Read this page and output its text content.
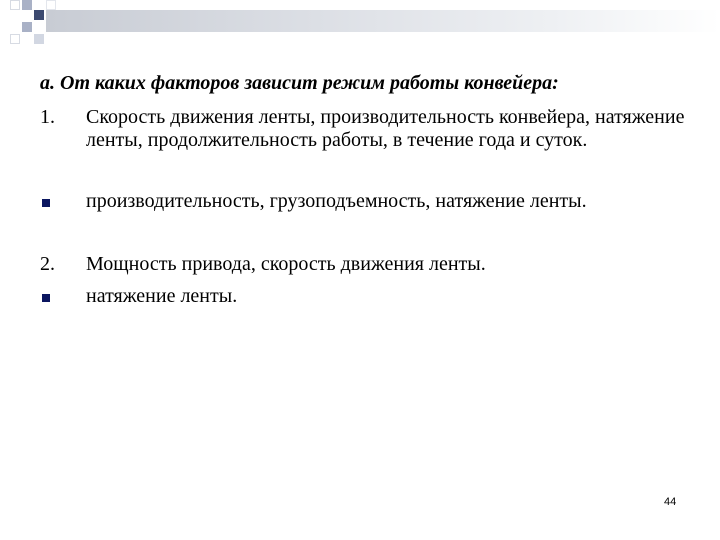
а. От каких факторов зависит режим работы конвейера:
1.	Скорость движения ленты, производительность конвейера, натяжение ленты, продолжительность работы, в течение года и суток.
производительность, грузоподъемность, натяжение ленты.
2.	Мощность привода, скорость движения ленты.
натяжение ленты.
44
